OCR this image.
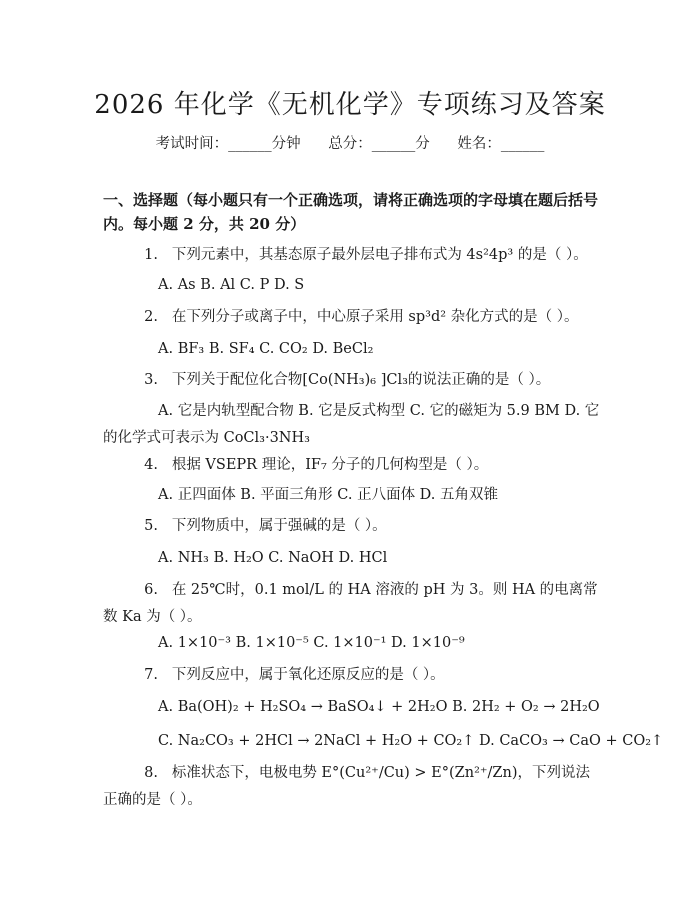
2026 年化学《无机化学》专项练习及答案
考试时间：______分钟      总分：______分      姓名：______
一、选择题（每小题只有一个正确选项，请将正确选项的字母填在题后括号内。每小题 2 分，共 20 分）
1. 下列元素中，其基态原子最外层电子排布式为 4s²4p³ 的是（ ）。
A. As B. Al C. P D. S
2. 在下列分子或离子中，中心原子采用 sp³d² 杂化方式的是（ ）。
A. BF₃ B. SF₄ C. CO₂ D. BeCl₂
3. 下列关于配位化合物[Co(NH₃)₆ ]Cl₃的说法正确的是（ ）。
A. 它是内轨型配合物 B. 它是反式构型 C. 它的磁矩为 5.9 BM D. 它的化学式可表示为 CoCl₃·3NH₃
4. 根据 VSEPR 理论，IF₇ 分子的几何构型是（ ）。
A. 正四面体 B. 平面三角形 C. 正八面体 D. 五角双锥
5. 下列物质中，属于强碱的是（ ）。
A. NH₃ B. H₂O C. NaOH D. HCl
6. 在 25℃时，0.1 mol/L 的 HA 溶液的 pH 为 3。则 HA 的电离常数 Ka 为（ ）。
A. 1×10⁻³ B. 1×10⁻⁵ C. 1×10⁻¹ D. 1×10⁻⁹
7. 下列反应中，属于氧化还原反应的是（ ）。
A. Ba(OH)₂ + H₂SO₄ → BaSO₄↓ + 2H₂O B. 2H₂ + O₂ → 2H₂O
C. Na₂CO₃ + 2HCl → 2NaCl + H₂O + CO₂↑ D. CaCO₃ → CaO + CO₂↑
8. 标准状态下，电极电势 E°(Cu²⁺/Cu) > E°(Zn²⁺/Zn)，下列说法正确的是（ ）。
